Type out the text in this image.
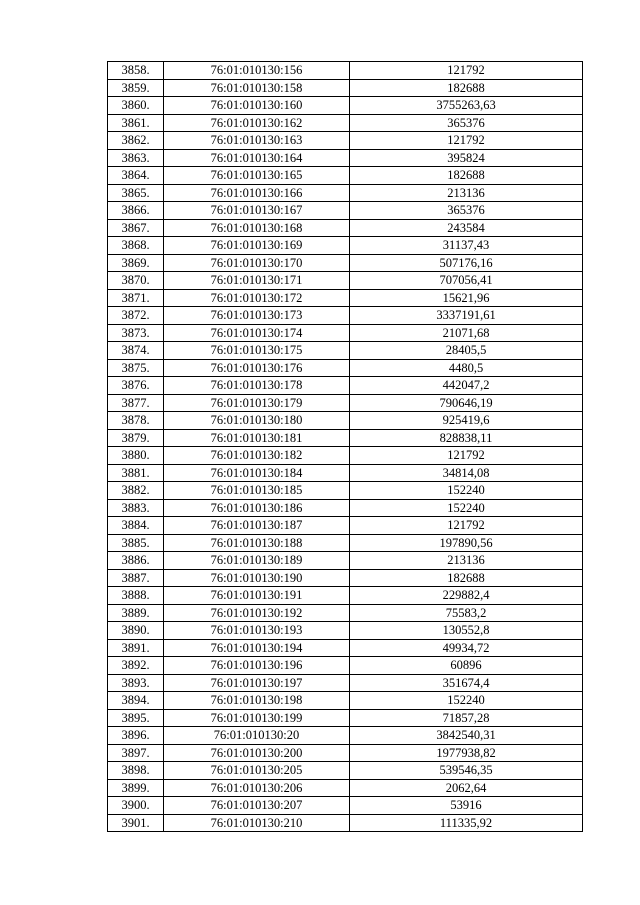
3858.	76:01:010130:156	121792
3859.	76:01:010130:158	182688
3860.	76:01:010130:160	3755263,63
3861.	76:01:010130:162	365376
3862.	76:01:010130:163	121792
3863.	76:01:010130:164	395824
3864.	76:01:010130:165	182688
3865.	76:01:010130:166	213136
3866.	76:01:010130:167	365376
3867.	76:01:010130:168	243584
3868.	76:01:010130:169	31137,43
3869.	76:01:010130:170	507176,16
3870.	76:01:010130:171	707056,41
3871.	76:01:010130:172	15621,96
3872.	76:01:010130:173	3337191,61
3873.	76:01:010130:174	21071,68
3874.	76:01:010130:175	28405,5
3875.	76:01:010130:176	4480,5
3876.	76:01:010130:178	442047,2
3877.	76:01:010130:179	790646,19
3878.	76:01:010130:180	925419,6
3879.	76:01:010130:181	828838,11
3880.	76:01:010130:182	121792
3881.	76:01:010130:184	34814,08
3882.	76:01:010130:185	152240
3883.	76:01:010130:186	152240
3884.	76:01:010130:187	121792
3885.	76:01:010130:188	197890,56
3886.	76:01:010130:189	213136
3887.	76:01:010130:190	182688
3888.	76:01:010130:191	229882,4
3889.	76:01:010130:192	75583,2
3890.	76:01:010130:193	130552,8
3891.	76:01:010130:194	49934,72
3892.	76:01:010130:196	60896
3893.	76:01:010130:197	351674,4
3894.	76:01:010130:198	152240
3895.	76:01:010130:199	71857,28
3896.	76:01:010130:20	3842540,31
3897.	76:01:010130:200	1977938,82
3898.	76:01:010130:205	539546,35
3899.	76:01:010130:206	2062,64
3900.	76:01:010130:207	53916
3901.	76:01:010130:210	111335,92
